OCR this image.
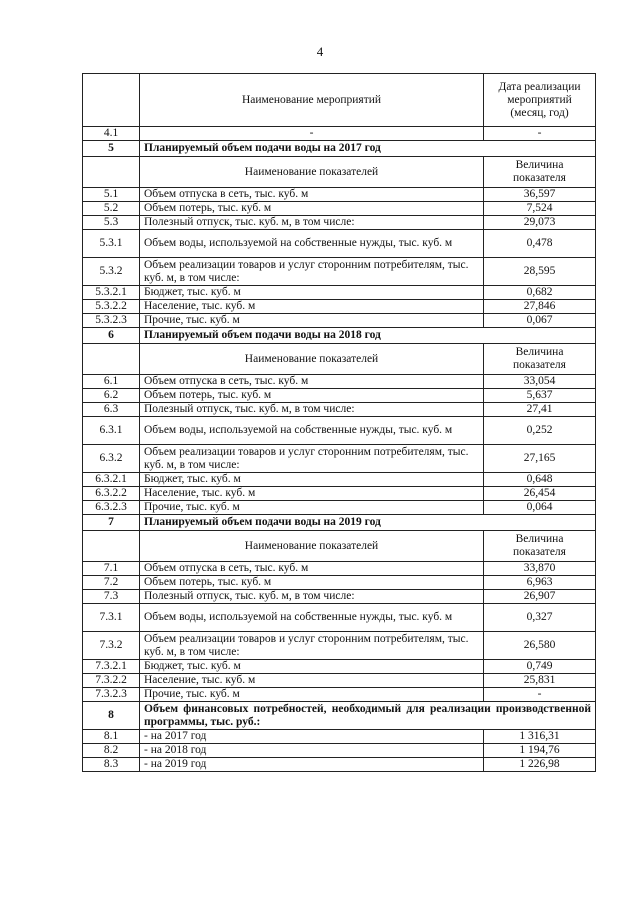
4
	Наименование мероприятий	Дата реализации мероприятий (месяц, год)
4.1	-	-
5	Планируемый объем подачи воды на 2017 год	
	Наименование показателей	Величина показателя
5.1	Объем отпуска в сеть, тыс. куб. м	36,597
5.2	Объем потерь, тыс. куб. м	7,524
5.3	Полезный отпуск, тыс. куб. м, в том числе:	29,073
5.3.1	Объем воды, используемой на собственные нужды, тыс. куб. м	0,478
5.3.2	Объем реализации товаров и услуг сторонним потребителям, тыс. куб. м, в том числе:	28,595
5.3.2.1	Бюджет, тыс. куб. м	0,682
5.3.2.2	Население, тыс. куб. м	27,846
5.3.2.3	Прочие, тыс. куб. м	0,067
6	Планируемый объем подачи воды на 2018 год	
	Наименование показателей	Величина показателя
6.1	Объем отпуска в сеть, тыс. куб. м	33,054
6.2	Объем потерь, тыс. куб. м	5,637
6.3	Полезный отпуск, тыс. куб. м, в том числе:	27,41
6.3.1	Объем воды, используемой на собственные нужды, тыс. куб. м	0,252
6.3.2	Объем реализации товаров и услуг сторонним потребителям, тыс. куб. м, в том числе:	27,165
6.3.2.1	Бюджет, тыс. куб. м	0,648
6.3.2.2	Население, тыс. куб. м	26,454
6.3.2.3	Прочие, тыс. куб. м	0,064
7	Планируемый объем подачи воды на 2019 год	
	Наименование показателей	Величина показателя
7.1	Объем отпуска в сеть, тыс. куб. м	33,870
7.2	Объем потерь, тыс. куб. м	6,963
7.3	Полезный отпуск, тыс. куб. м, в том числе:	26,907
7.3.1	Объем воды, используемой на собственные нужды, тыс. куб. м	0,327
7.3.2	Объем реализации товаров и услуг сторонним потребителям, тыс. куб. м, в том числе:	26,580
7.3.2.1	Бюджет, тыс. куб. м	0,749
7.3.2.2	Население, тыс. куб. м	25,831
7.3.2.3	Прочие, тыс. куб. м	-
8	Объем финансовых потребностей, необходимый для реализации производственной программы, тыс. руб.:	
8.1	- на 2017 год	1 316,31
8.2	- на 2018 год	1 194,76
8.3	- на 2019 год	1 226,98
